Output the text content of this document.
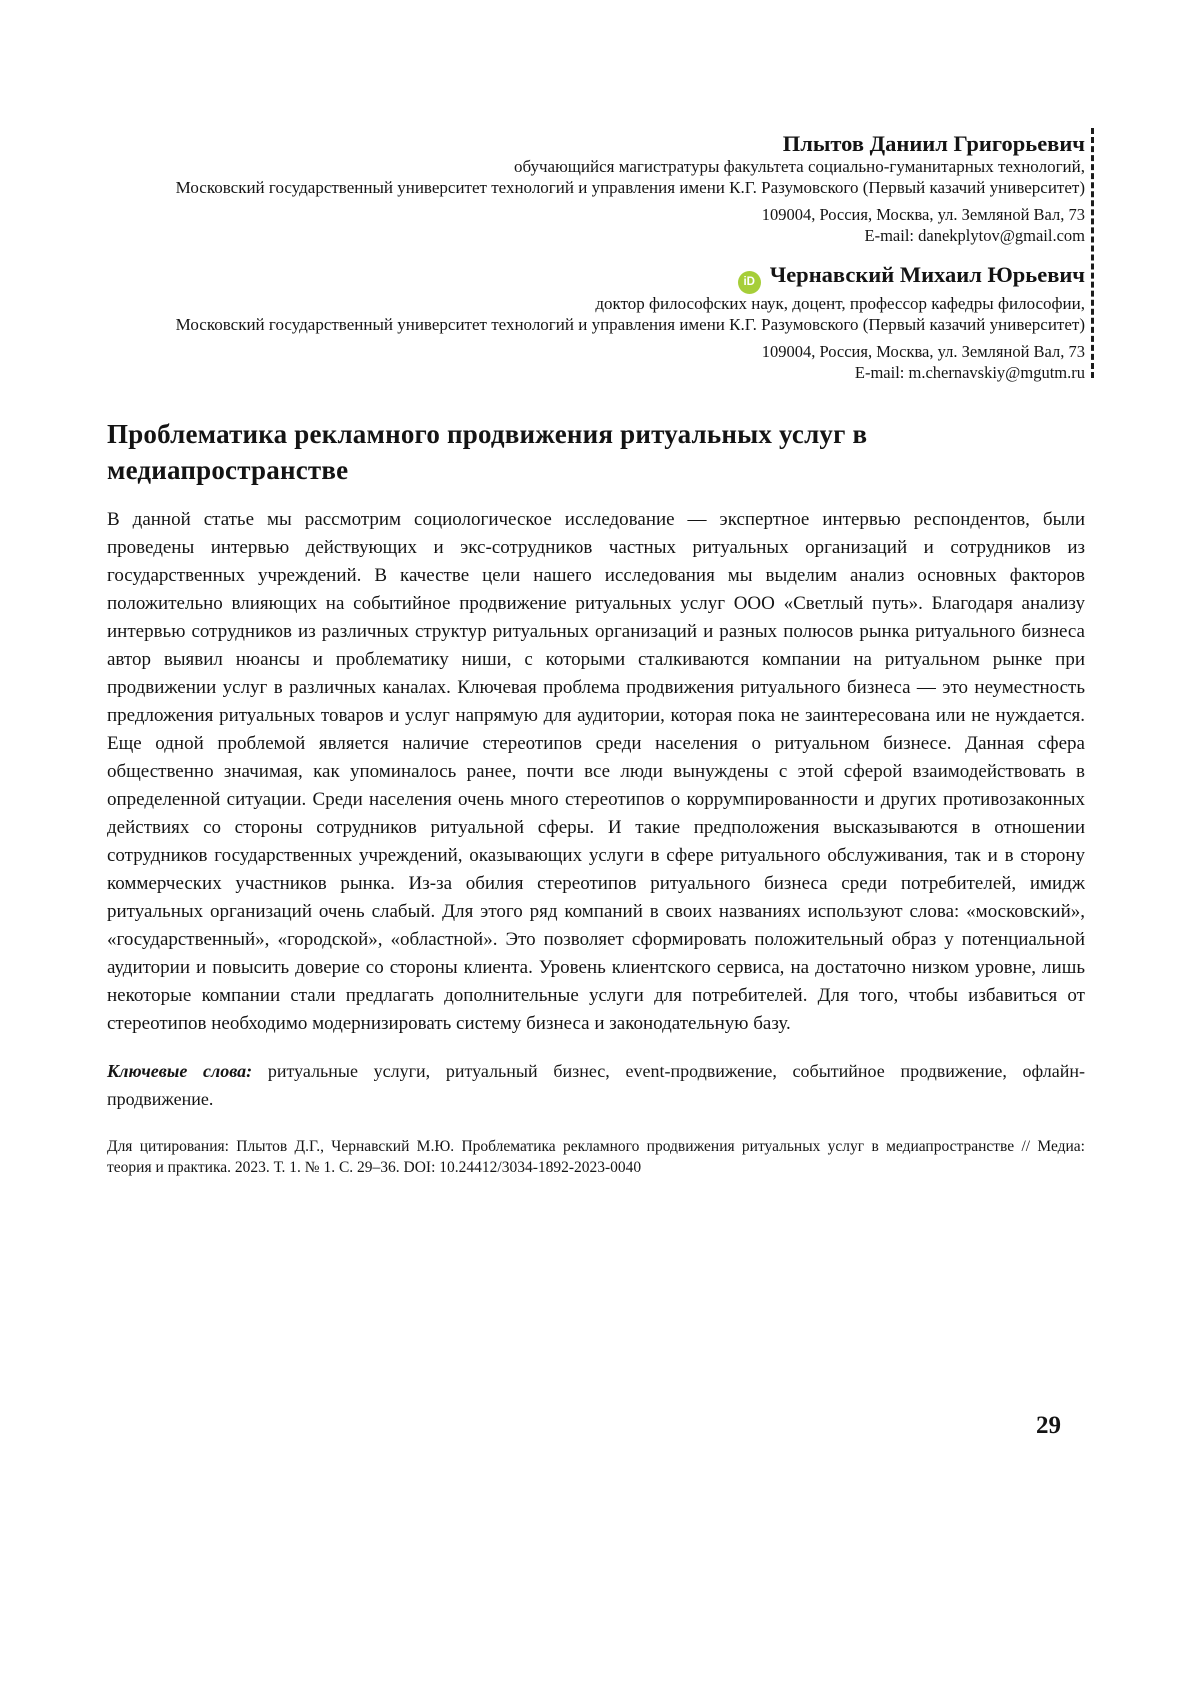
Плытов Даниил Григорьевич
обучающийся магистратуры факультета социально-гуманитарных технологий,
Московский государственный университет технологий и управления имени К.Г. Разумовского (Первый казачий университет)
109004, Россия, Москва, ул. Земляной Вал, 73
E-mail: danekplytov@gmail.com
iD Чернавский Михаил Юрьевич
доктор философских наук, доцент, профессор кафедры философии,
Московский государственный университет технологий и управления имени К.Г. Разумовского (Первый казачий университет)
109004, Россия, Москва, ул. Земляной Вал, 73
E-mail: m.chernavskiy@mgutm.ru
Проблематика рекламного продвижения ритуальных услуг в медиапространстве

В данной статье мы рассмотрим социологическое исследование — экспертное интервью респондентов, были проведены интервью действующих и экс-сотрудников частных ритуальных организаций и сотрудников из государственных учреждений. В качестве цели нашего исследования мы выделим анализ основных факторов положительно влияющих на событийное продвижение ритуальных услуг ООО «Светлый путь». Благодаря анализу интервью сотрудников из различных структур ритуальных организаций и разных полюсов рынка ритуального бизнеса автор выявил нюансы и проблематику ниши, с которыми сталкиваются компании на ритуальном рынке при продвижении услуг в различных каналах. Ключевая проблема продвижения ритуального бизнеса — это неуместность предложения ритуальных товаров и услуг напрямую для аудитории, которая пока не заинтересована или не нуждается. Еще одной проблемой является наличие стереотипов среди населения о ритуальном бизнесе. Данная сфера общественно значимая, как упоминалось ранее, почти все люди вынуждены с этой сферой взаимодействовать в определенной ситуации. Среди населения очень много стереотипов о коррумпированности и других противозаконных действиях со стороны сотрудников ритуальной сферы. И такие предположения высказываются в отношении сотрудников государственных учреждений, оказывающих услуги в сфере ритуального обслуживания, так и в сторону коммерческих участников рынка. Из-за обилия стереотипов ритуального бизнеса среди потребителей, имидж ритуальных организаций очень слабый. Для этого ряд компаний в своих названиях используют слова: «московский», «государственный», «городской», «областной». Это позволяет сформировать положительный образ у потенциальной аудитории и повысить доверие со стороны клиента. Уровень клиентского сервиса, на достаточно низком уровне, лишь некоторые компании стали предлагать дополнительные услуги для потребителей. Для того, чтобы избавиться от стереотипов необходимо модернизировать систему бизнеса и законодательную базу.

Ключевые слова: ритуальные услуги, ритуальный бизнес, event-продвижение, событийное продвижение, офлайн-продвижение.

Для цитирования: Плытов Д.Г., Чернавский М.Ю. Проблематика рекламного продвижения ритуальных услуг в медиапространстве // Медиа: теория и практика. 2023. Т. 1. № 1. С. 29–36. DOI: 10.24412/3034-1892-2023-0040

29
